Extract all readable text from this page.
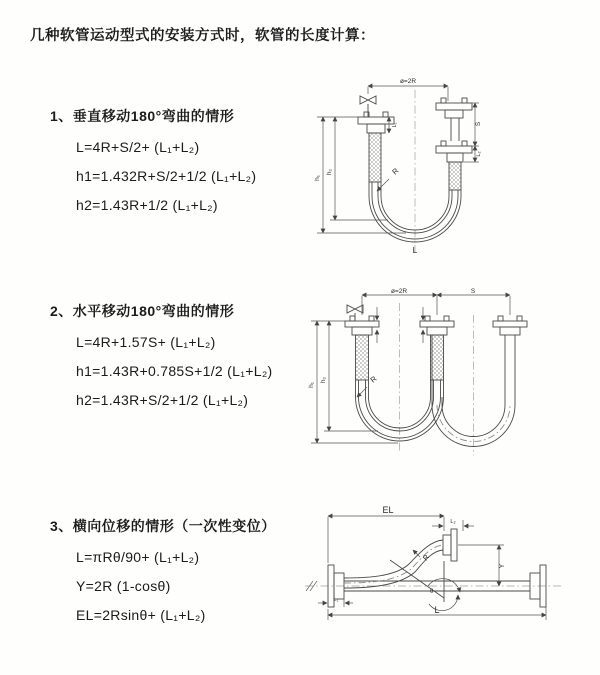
几种软管运动型式的安装方式时，软管的长度计算：
1、垂直移动180°弯曲的情形
L=4R+S/2+ (L₁+L₂)
h1=1.432R+S/2+1/2 (L₁+L₂)
h2=1.43R+1/2 (L₁+L₂)
2、水平移动180°弯曲的情形
L=4R+1.57S+ (L₁+L₂)
h1=1.43R+0.785S+1/2 (L₁+L₂)
h2=1.43R+S/2+1/2 (L₁+L₂)
3、横向位移的情形（一次性变位）
L=πRθ/90+ (L₁+L₂)
Y=2R (1-cosθ)
EL=2Rsinθ+ (L₁+L₂)
ø=2R
h₁
h₂
L₁	S
L₂
R
L
ø=2R	S
h₁
h₂	R
EL
L₂
Y
R
θ
L
L₁
